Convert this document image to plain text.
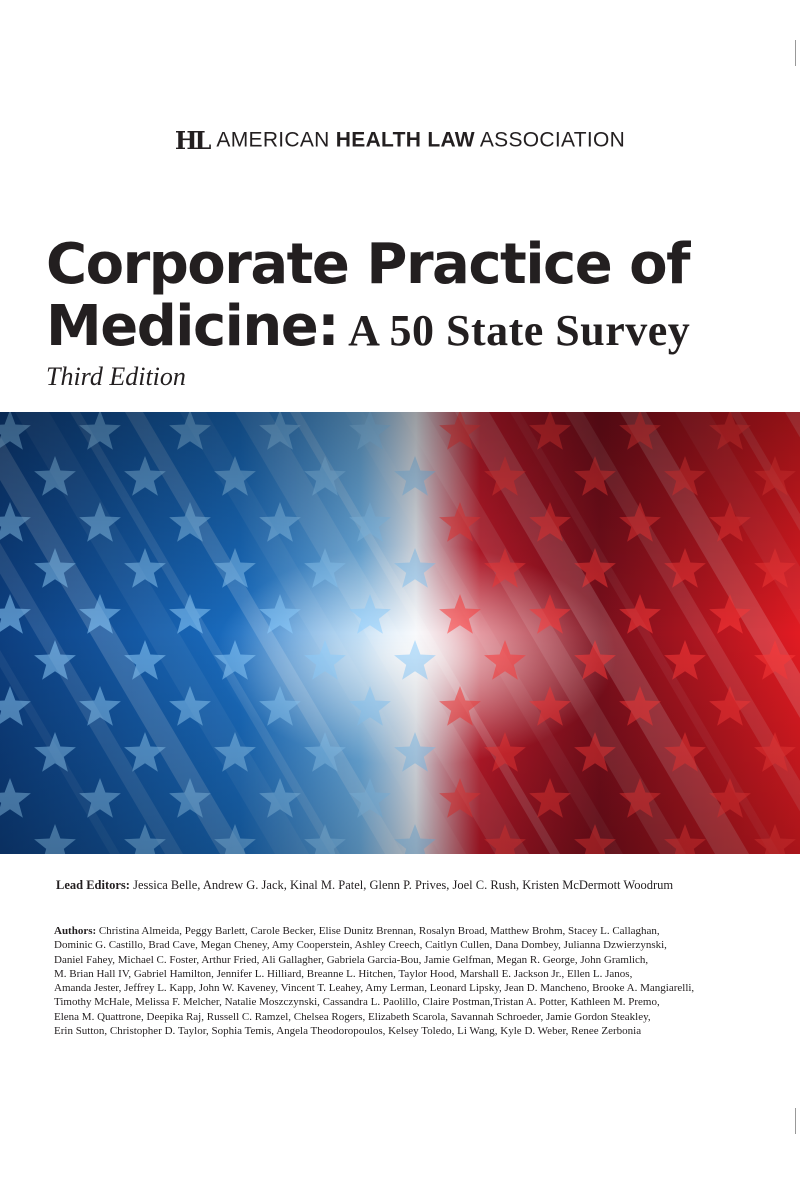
HL AMERICAN HEALTH LAW ASSOCIATION
Corporate Practice of
Medicine: A 50 State Survey
Third Edition
Lead Editors: Jessica Belle, Andrew G. Jack, Kinal M. Patel, Glenn P. Prives, Joel C. Rush, Kristen McDermott Woodrum
Authors: Christina Almeida, Peggy Barlett, Carole Becker, Elise Dunitz Brennan, Rosalyn Broad, Matthew Brohm, Stacey L. Callaghan,
Dominic G. Castillo, Brad Cave, Megan Cheney, Amy Cooperstein, Ashley Creech, Caitlyn Cullen, Dana Dombey, Julianna Dzwierzynski,
Daniel Fahey, Michael C. Foster, Arthur Fried, Ali Gallagher, Gabriela Garcia-Bou, Jamie Gelfman, Megan R. George, John Gramlich,
M. Brian Hall IV, Gabriel Hamilton, Jennifer L. Hilliard, Breanne L. Hitchen, Taylor Hood, Marshall E. Jackson Jr., Ellen L. Janos,
Amanda Jester, Jeffrey L. Kapp, John W. Kaveney, Vincent T. Leahey, Amy Lerman, Leonard Lipsky, Jean D. Mancheno, Brooke A. Mangiarelli,
Timothy McHale, Melissa F. Melcher, Natalie Moszczynski, Cassandra L. Paolillo, Claire Postman,Tristan A. Potter, Kathleen M. Premo,
Elena M. Quattrone, Deepika Raj, Russell C. Ramzel, Chelsea Rogers, Elizabeth Scarola, Savannah Schroeder, Jamie Gordon Steakley,
Erin Sutton, Christopher D. Taylor, Sophia Temis, Angela Theodoropoulos, Kelsey Toledo, Li Wang, Kyle D. Weber, Renee Zerbonia
